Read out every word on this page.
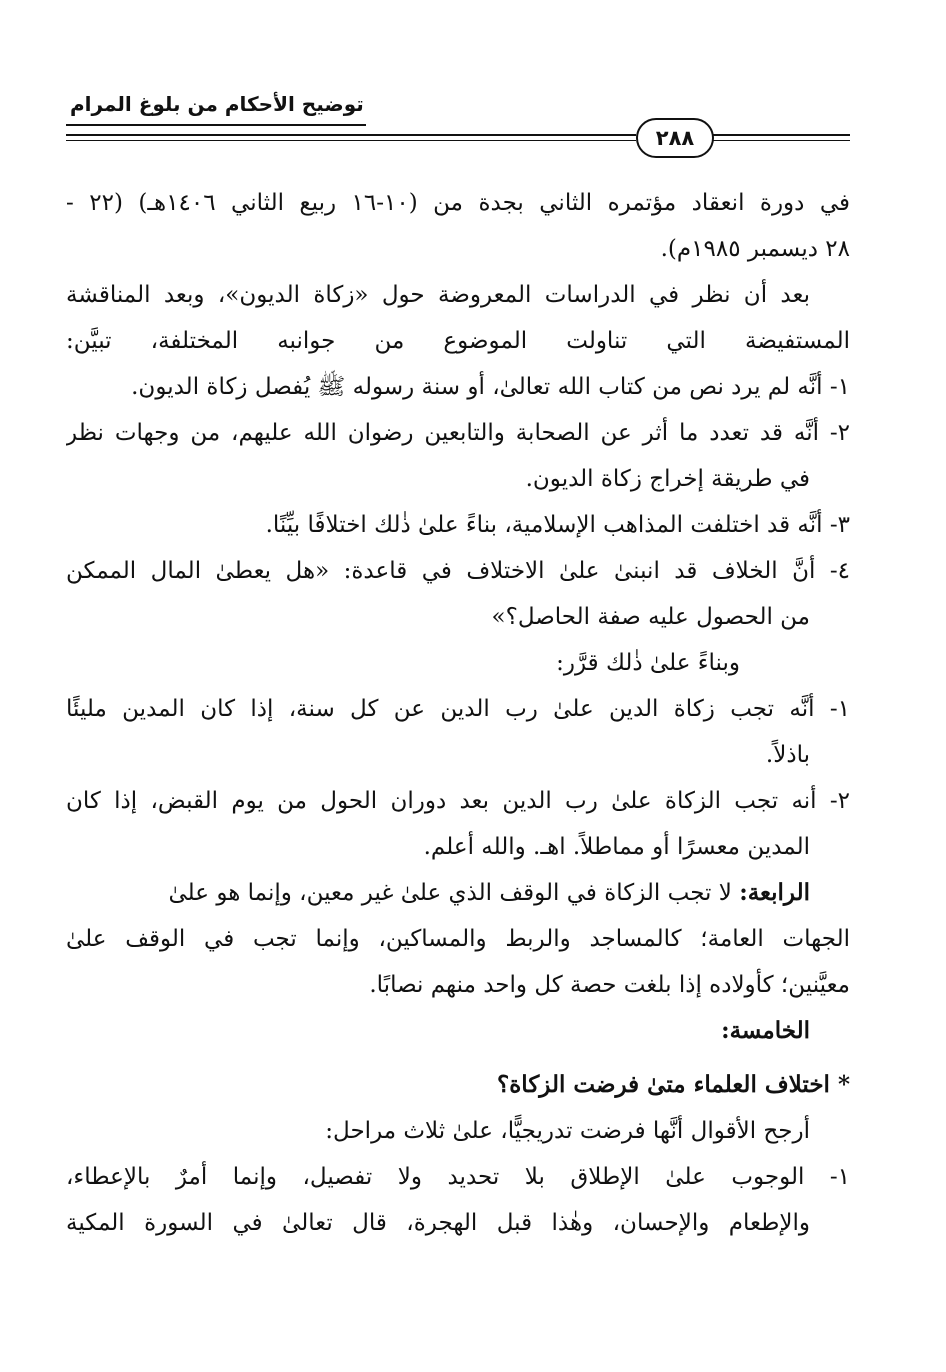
توضيح الأحكام من بلوغ المرام
٢٨٨
في دورة انعقاد مؤتمره الثاني بجدة من (١٠-١٦ ربيع الثاني ١٤٠٦هـ) (٢٢ -
٢٨ ديسمبر ١٩٨٥م).
بعد أن نظر في الدراسات المعروضة حول «زكاة الديون»، وبعد المناقشة
المستفيضة التي تناولت الموضوع من جوانبه المختلفة، تبيَّن:
١- أنَّه لم يرد نص من كتاب الله تعالىٰ، أو سنة رسوله ﷺ يُفصل زكاة الديون.
٢- أنَّه قد تعدد ما أثر عن الصحابة والتابعين رضوان الله عليهم، من وجهات نظر
في طريقة إخراج زكاة الديون.
٣- أنَّه قد اختلفت المذاهب الإسلامية، بناءً علىٰ ذٰلك اختلافًا بيِّنًا.
٤- أنَّ الخلاف قد انبنىٰ علىٰ الاختلاف في قاعدة: «هل يعطىٰ المال الممكن
من الحصول عليه صفة الحاصل؟»
وبناءً علىٰ ذٰلك قرَّر:
١- أنَّه تجب زكاة الدين علىٰ رب الدين عن كل سنة، إذا كان المدين مليئًا
باذلاً.
٢- أنه تجب الزكاة علىٰ رب الدين بعد دوران الحول من يوم القبض، إذا كان
المدين معسرًا أو مماطلاً. اهـ. والله أعلم.
الرابعة: لا تجب الزكاة في الوقف الذي علىٰ غير معين، وإنما هو علىٰ
الجهات العامة؛ كالمساجد والربط والمساكين، وإنما تجب في الوقف علىٰ
معيَّنين؛ كأولاده إذا بلغت حصة كل واحد منهم نصابًا.
الخامسة:
* اختلاف العلماء متىٰ فرضت الزكاة؟
أرجح الأقوال أنَّها فرضت تدريجيًّا، علىٰ ثلاث مراحل:
١- الوجوب علىٰ الإطلاق بلا تحديد ولا تفصيل، وإنما أمرٌ بالإعطاء،
والإطعام والإحسان، وهٰذا قبل الهجرة، قال تعالىٰ في السورة المكية
